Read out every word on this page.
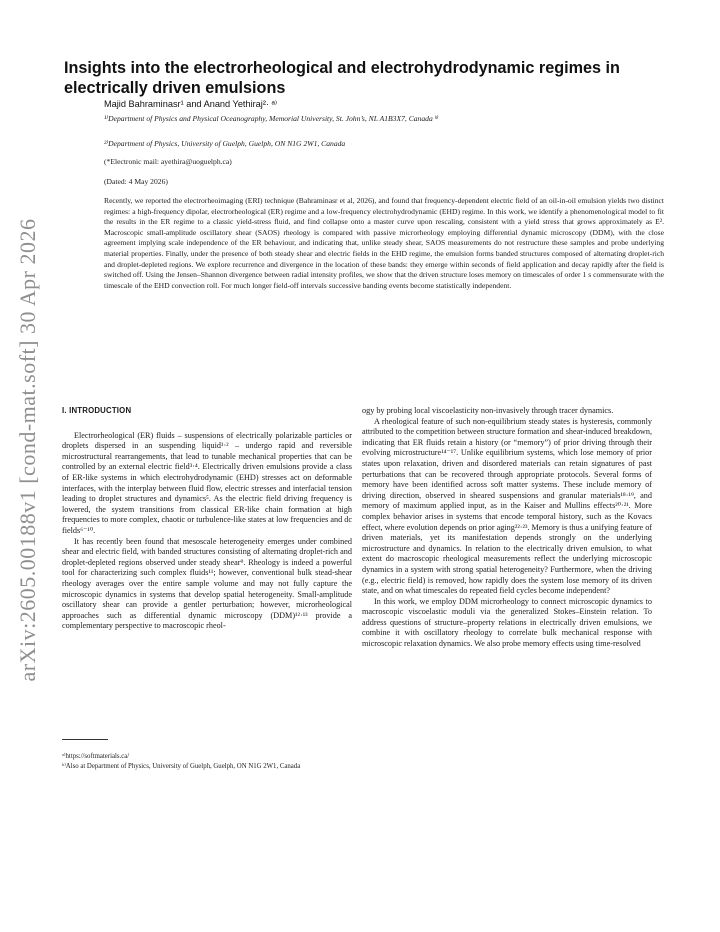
arXiv:2605.00188v1 [cond-mat.soft] 30 Apr 2026
Insights into the electrorheological and electrohydrodynamic regimes in electrically driven emulsions
Majid Bahraminasr¹ and Anand Yethiraj²· ᵃ⁾
¹⁾Department of Physics and Physical Oceanography, Memorial University, St. John’s, NL A1B3X7, Canada ᵇ⁾
²⁾Department of Physics, University of Guelph, Guelph, ON N1G 2W1, Canada
(*Electronic mail: ayethira@uoguelph.ca)
(Dated: 4 May 2026)

Recently, we reported the electrorheoimaging (ERI) technique (Bahraminasr et al, 2026), and found that frequency-dependent electric field of an oil-in-oil emulsion yields two distinct regimes: a high-frequency dipolar, electrorheological (ER) regime and a low-frequency electrohydrodynamic (EHD) regime. In this work, we identify a phenomenological model to fit the results in the ER regime to a classic yield-stress fluid, and find collapse onto a master curve upon rescaling, consistent with a yield stress that grows approximately as E². Macroscopic small-amplitude oscillatory shear (SAOS) rheology is compared with passive microrheology employing differential dynamic microscopy (DDM), with the close agreement implying scale independence of the ER behaviour, and indicating that, unlike steady shear, SAOS measurements do not restructure these samples and probe underlying material properties. Finally, under the presence of both steady shear and electric fields in the EHD regime, the emulsion forms banded structures composed of alternating droplet-rich and droplet-depleted regions. We explore recurrence and divergence in the location of these bands: they emerge within seconds of field application and decay rapidly after the field is switched off. Using the Jensen–Shannon divergence between radial intensity profiles, we show that the driven structure loses memory on timescales of order 1 s commensurate with the timescale of the EHD convection roll. For much longer field-off intervals successive banding events become statistically independent.

I. INTRODUCTION

Electrorheological (ER) fluids – suspensions of electrically polarizable particles or droplets dispersed in an suspending liquid¹·² – undergo rapid and reversible microstructural rearrangements, that lead to tunable mechanical properties that can be controlled by an external electric field³·⁴. Electrically driven emulsions provide a class of ER-like systems in which electrohydrodynamic (EHD) stresses act on deformable interfaces, with the interplay between fluid flow, electric stresses and interfacial tension leading to droplet structures and dynamics⁵. As the electric field driving frequency is lowered, the system transitions from classical ER-like chain formation at high frequencies to more complex, chaotic or turbulence-like states at low frequencies and dc fields⁶⁻¹⁰.

It has recently been found that mesoscale heterogeneity emerges under combined shear and electric field, with banded structures consisting of alternating droplet-rich and droplet-depleted regions observed under steady shear⁹. Rheology is indeed a powerful tool for characterizing such complex fluids¹¹; however, conventional bulk stead-shear rheology averages over the entire sample volume and may not fully capture the microscopic dynamics in systems that develop spatial heterogeneity. Small-amplitude oscillatory shear can provide a gentler perturbation; however, microrheological approaches such as differential dynamic microscopy (DDM)¹²·¹³ provide a complementary perspective to macroscopic rheol-

ogy by probing local viscoelasticity non-invasively through tracer dynamics.

A rheological feature of such non-equilibrium steady states is hysteresis, commonly attributed to the competition between structure formation and shear-induced breakdown, indicating that ER fluids retain a history (or “memory”) of prior driving through their evolving microstructure¹⁴⁻¹⁷. Unlike equilibrium systems, which lose memory of prior states upon relaxation, driven and disordered materials can retain signatures of past perturbations that can be recovered through appropriate protocols. Several forms of memory have been identified across soft matter systems. These include memory of driving direction, observed in sheared suspensions and granular materials¹⁸·¹⁹, and memory of maximum applied input, as in the Kaiser and Mullins effects²⁰·²¹. More complex behavior arises in systems that encode temporal history, such as the Kovacs effect, where evolution depends on prior aging²²·²³. Memory is thus a unifying feature of driven materials, yet its manifestation depends strongly on the underlying microstructure and dynamics. In relation to the electrically driven emulsion, to what extent do macroscopic rheological measurements reflect the underlying microscopic dynamics in a system with strong spatial heterogeneity? Furthermore, when the driving (e.g., electric field) is removed, how rapidly does the system lose memory of its driven state, and on what timescales do repeated field cycles become independent?

In this work, we employ DDM microrheology to connect microscopic dynamics to macroscopic viscoelastic moduli via the generalized Stokes–Einstein relation. To address questions of structure–property relations in electrically driven emulsions, we combine it with oscillatory rheology to correlate bulk mechanical response with microscopic relaxation dynamics. We also probe memory effects using time-resolved

ᵃ⁾https://softmaterials.ca/
ᵇ⁾Also at Department of Physics, University of Guelph, Guelph, ON N1G 2W1, Canada
